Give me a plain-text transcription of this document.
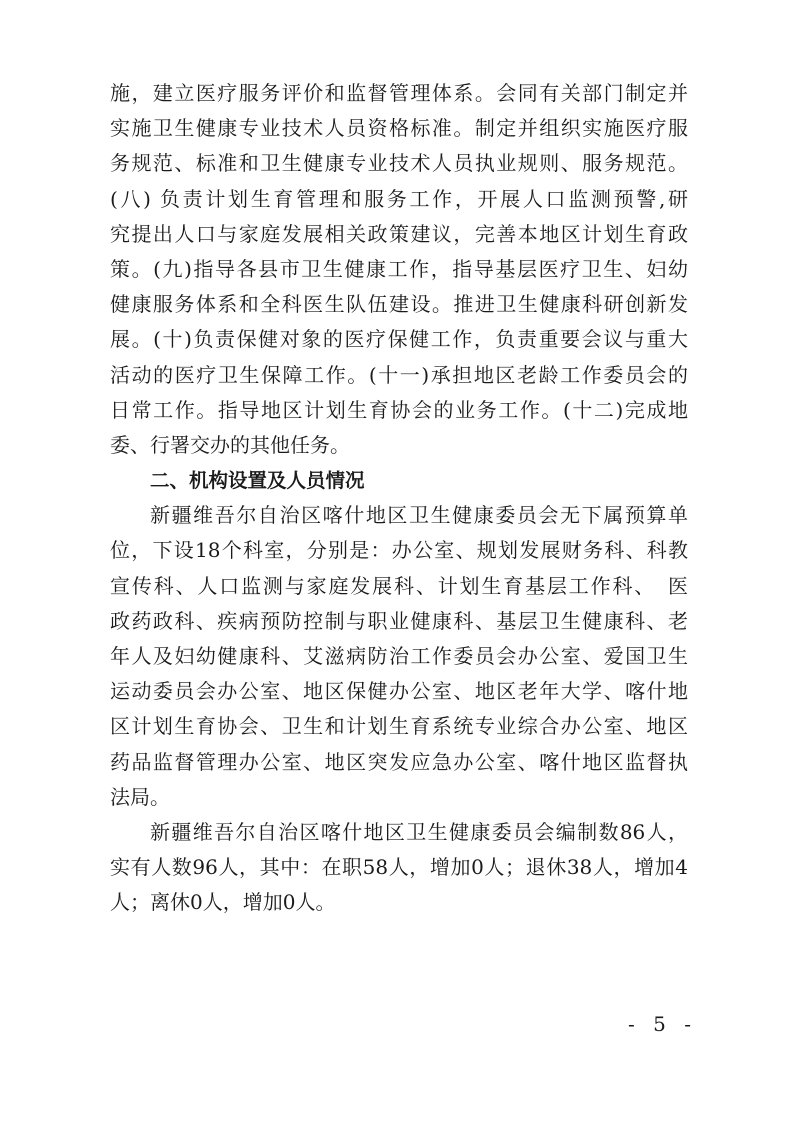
施，建立医疗服务评价和监督管理体系。会同有关部门制定并
实施卫生健康专业技术人员资格标准。制定并组织实施医疗服
务规范、标准和卫生健康专业技术人员执业规则、服务规范。
(八) 负责计划生育管理和服务工作，开展人口监测预警,研
究提出人口与家庭发展相关政策建议，完善本地区计划生育政
策。(九)指导各县市卫生健康工作，指导基层医疗卫生、妇幼
健康服务体系和全科医生队伍建设。推进卫生健康科研创新发
展。(十)负责保健对象的医疗保健工作，负责重要会议与重大
活动的医疗卫生保障工作。(十一)承担地区老龄工作委员会的
日常工作。指导地区计划生育协会的业务工作。(十二)完成地
委、行署交办的其他任务。
二、机构设置及人员情况
新疆维吾尔自治区喀什地区卫生健康委员会无下属预算单
位，下设18个科室，分别是：办公室、规划发展财务科、科教
宣传科、人口监测与家庭发展科、计划生育基层工作科、　医
政药政科、疾病预防控制与职业健康科、基层卫生健康科、老
年人及妇幼健康科、艾滋病防治工作委员会办公室、爱国卫生
运动委员会办公室、地区保健办公室、地区老年大学、喀什地
区计划生育协会、卫生和计划生育系统专业综合办公室、地区
药品监督管理办公室、地区突发应急办公室、喀什地区监督执
法局。
新疆维吾尔自治区喀什地区卫生健康委员会编制数86人，
实有人数96人，其中：在职58人，增加0人；退休38人，增加4
人；离休0人，增加0人。
- 5 -
